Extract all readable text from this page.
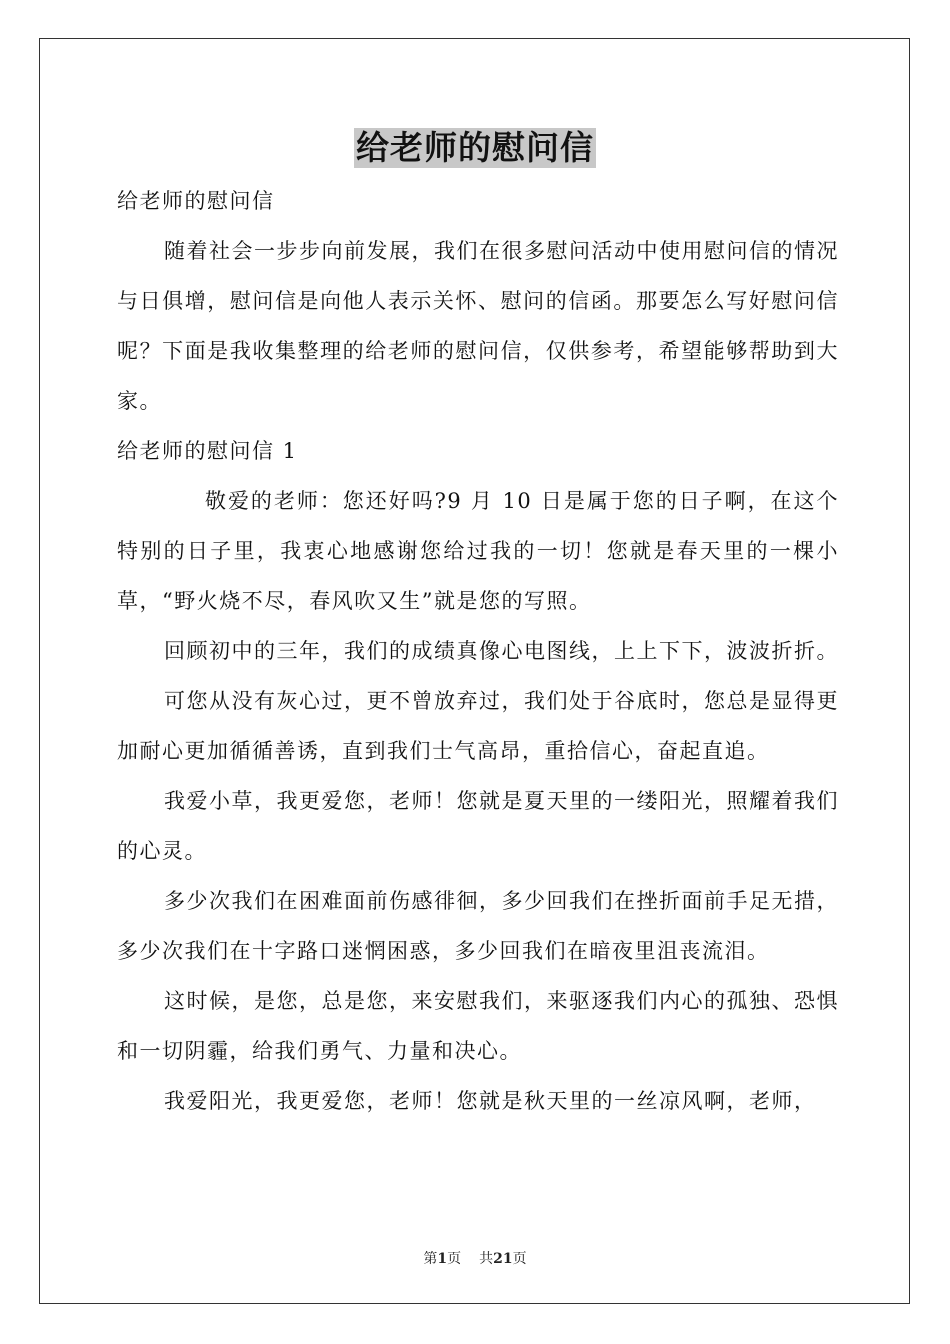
给老师的慰问信

给老师的慰问信

随着社会一步步向前发展，我们在很多慰问活动中使用慰问信的情况与日俱增，慰问信是向他人表示关怀、慰问的信函。那要怎么写好慰问信呢？下面是我收集整理的给老师的慰问信，仅供参考，希望能够帮助到大家。

给老师的慰问信 1

敬爱的老师：您还好吗?9 月 10 日是属于您的日子啊，在这个特别的日子里，我衷心地感谢您给过我的一切！您就是春天里的一棵小草，“野火烧不尽，春风吹又生”就是您的写照。

回顾初中的三年，我们的成绩真像心电图线，上上下下，波波折折。

可您从没有灰心过，更不曾放弃过，我们处于谷底时，您总是显得更加耐心更加循循善诱，直到我们士气高昂，重拾信心，奋起直追。

我爱小草，我更爱您，老师！您就是夏天里的一缕阳光，照耀着我们的心灵。

多少次我们在困难面前伤感徘徊，多少回我们在挫折面前手足无措，多少次我们在十字路口迷惘困惑，多少回我们在暗夜里沮丧流泪。

这时候，是您，总是您，来安慰我们，来驱逐我们内心的孤独、恐惧和一切阴霾，给我们勇气、力量和决心。

我爱阳光，我更爱您，老师！您就是秋天里的一丝凉风啊，老师，

第1页 共21页
